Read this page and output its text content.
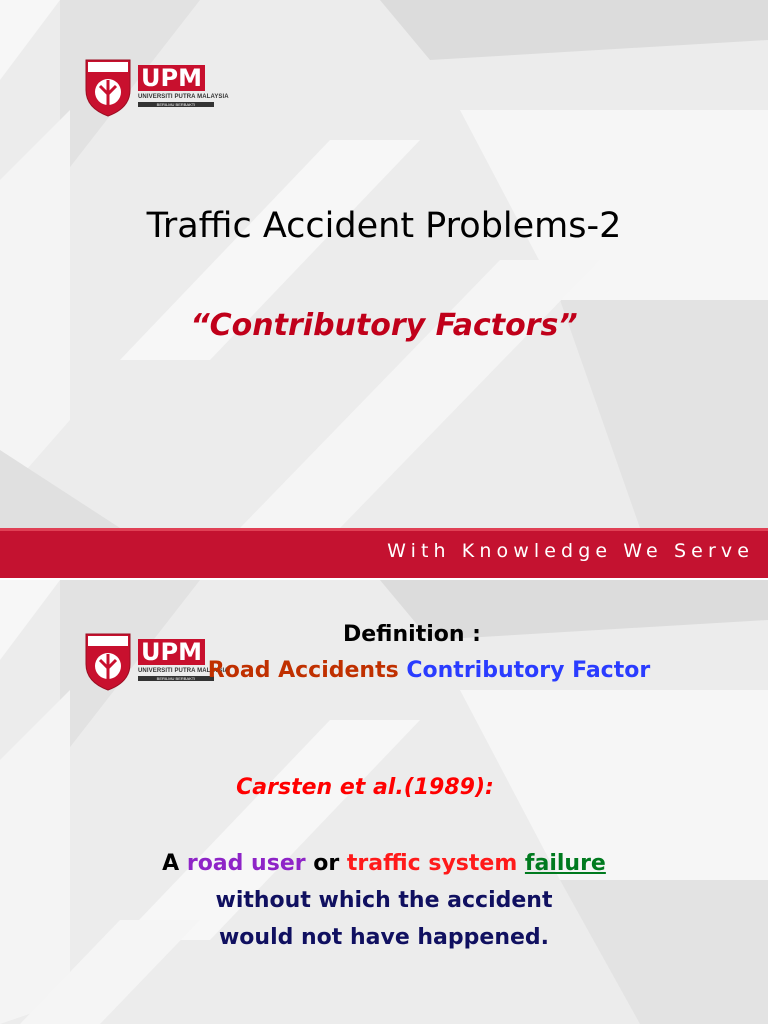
UPM
UNIVERSITI PUTRA MALAYSIA
BERILMU BERBAKTI
Traffic Accident Problems-2
“Contributory Factors”
With Knowledge We Serve
UPM
UNIVERSITI PUTRA MALAYSIA
BERILMU BERBAKTI
Definition :
Road Accidents Contributory Factor
Carsten et al.(1989):
A road user or traffic system failure
without which the accident
would not have happened.
